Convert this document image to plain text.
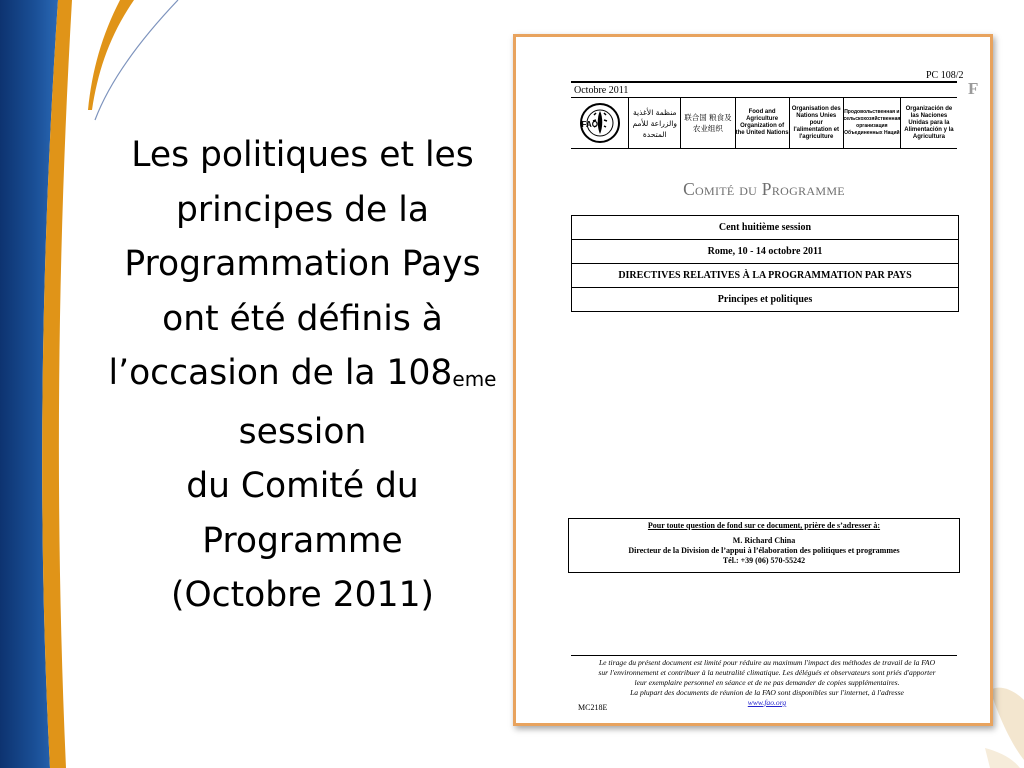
Les politiques et les
principes de la
Programmation Pays
ont été définis à
l’occasion de la 108eme
session
du Comité du
Programme
(Octobre 2011)
PC 108/2
F
Octobre 2011
FAO
منظمة الأغذية والزراعة للأمم المتحدة
联合国 粮食及 农业组织
Food and Agriculture Organization of the United Nations
Organisation des Nations Unies pour l'alimentation et l'agriculture
Продовольственная и сельскохозяйственная организация Объединенных Наций
Organización de las Naciones Unidas para la Alimentación y la Agricultura
Comité du Programme
Cent huitième session
Rome, 10 - 14 octobre 2011
DIRECTIVES RELATIVES À LA PROGRAMMATION PAR PAYS
Principes et politiques
Pour toute question de fond sur ce document, prière de s’adresser à:
M. Richard China
Directeur de la Division de l’appui à l’élaboration des politiques et programmes
Tél.: +39 (06) 570-55242
Le tirage du présent document est limité pour réduire au maximum l'impact des méthodes de travail de la FAO
sur l'environnement et contribuer à la neutralité climatique. Les délégués et observateurs sont priés d'apporter
leur exemplaire personnel en séance et de ne pas demander de copies supplémentaires.
La plupart des documents de réunion de la FAO sont disponibles sur l'internet, à l'adresse
www.fao.org
MC218E
